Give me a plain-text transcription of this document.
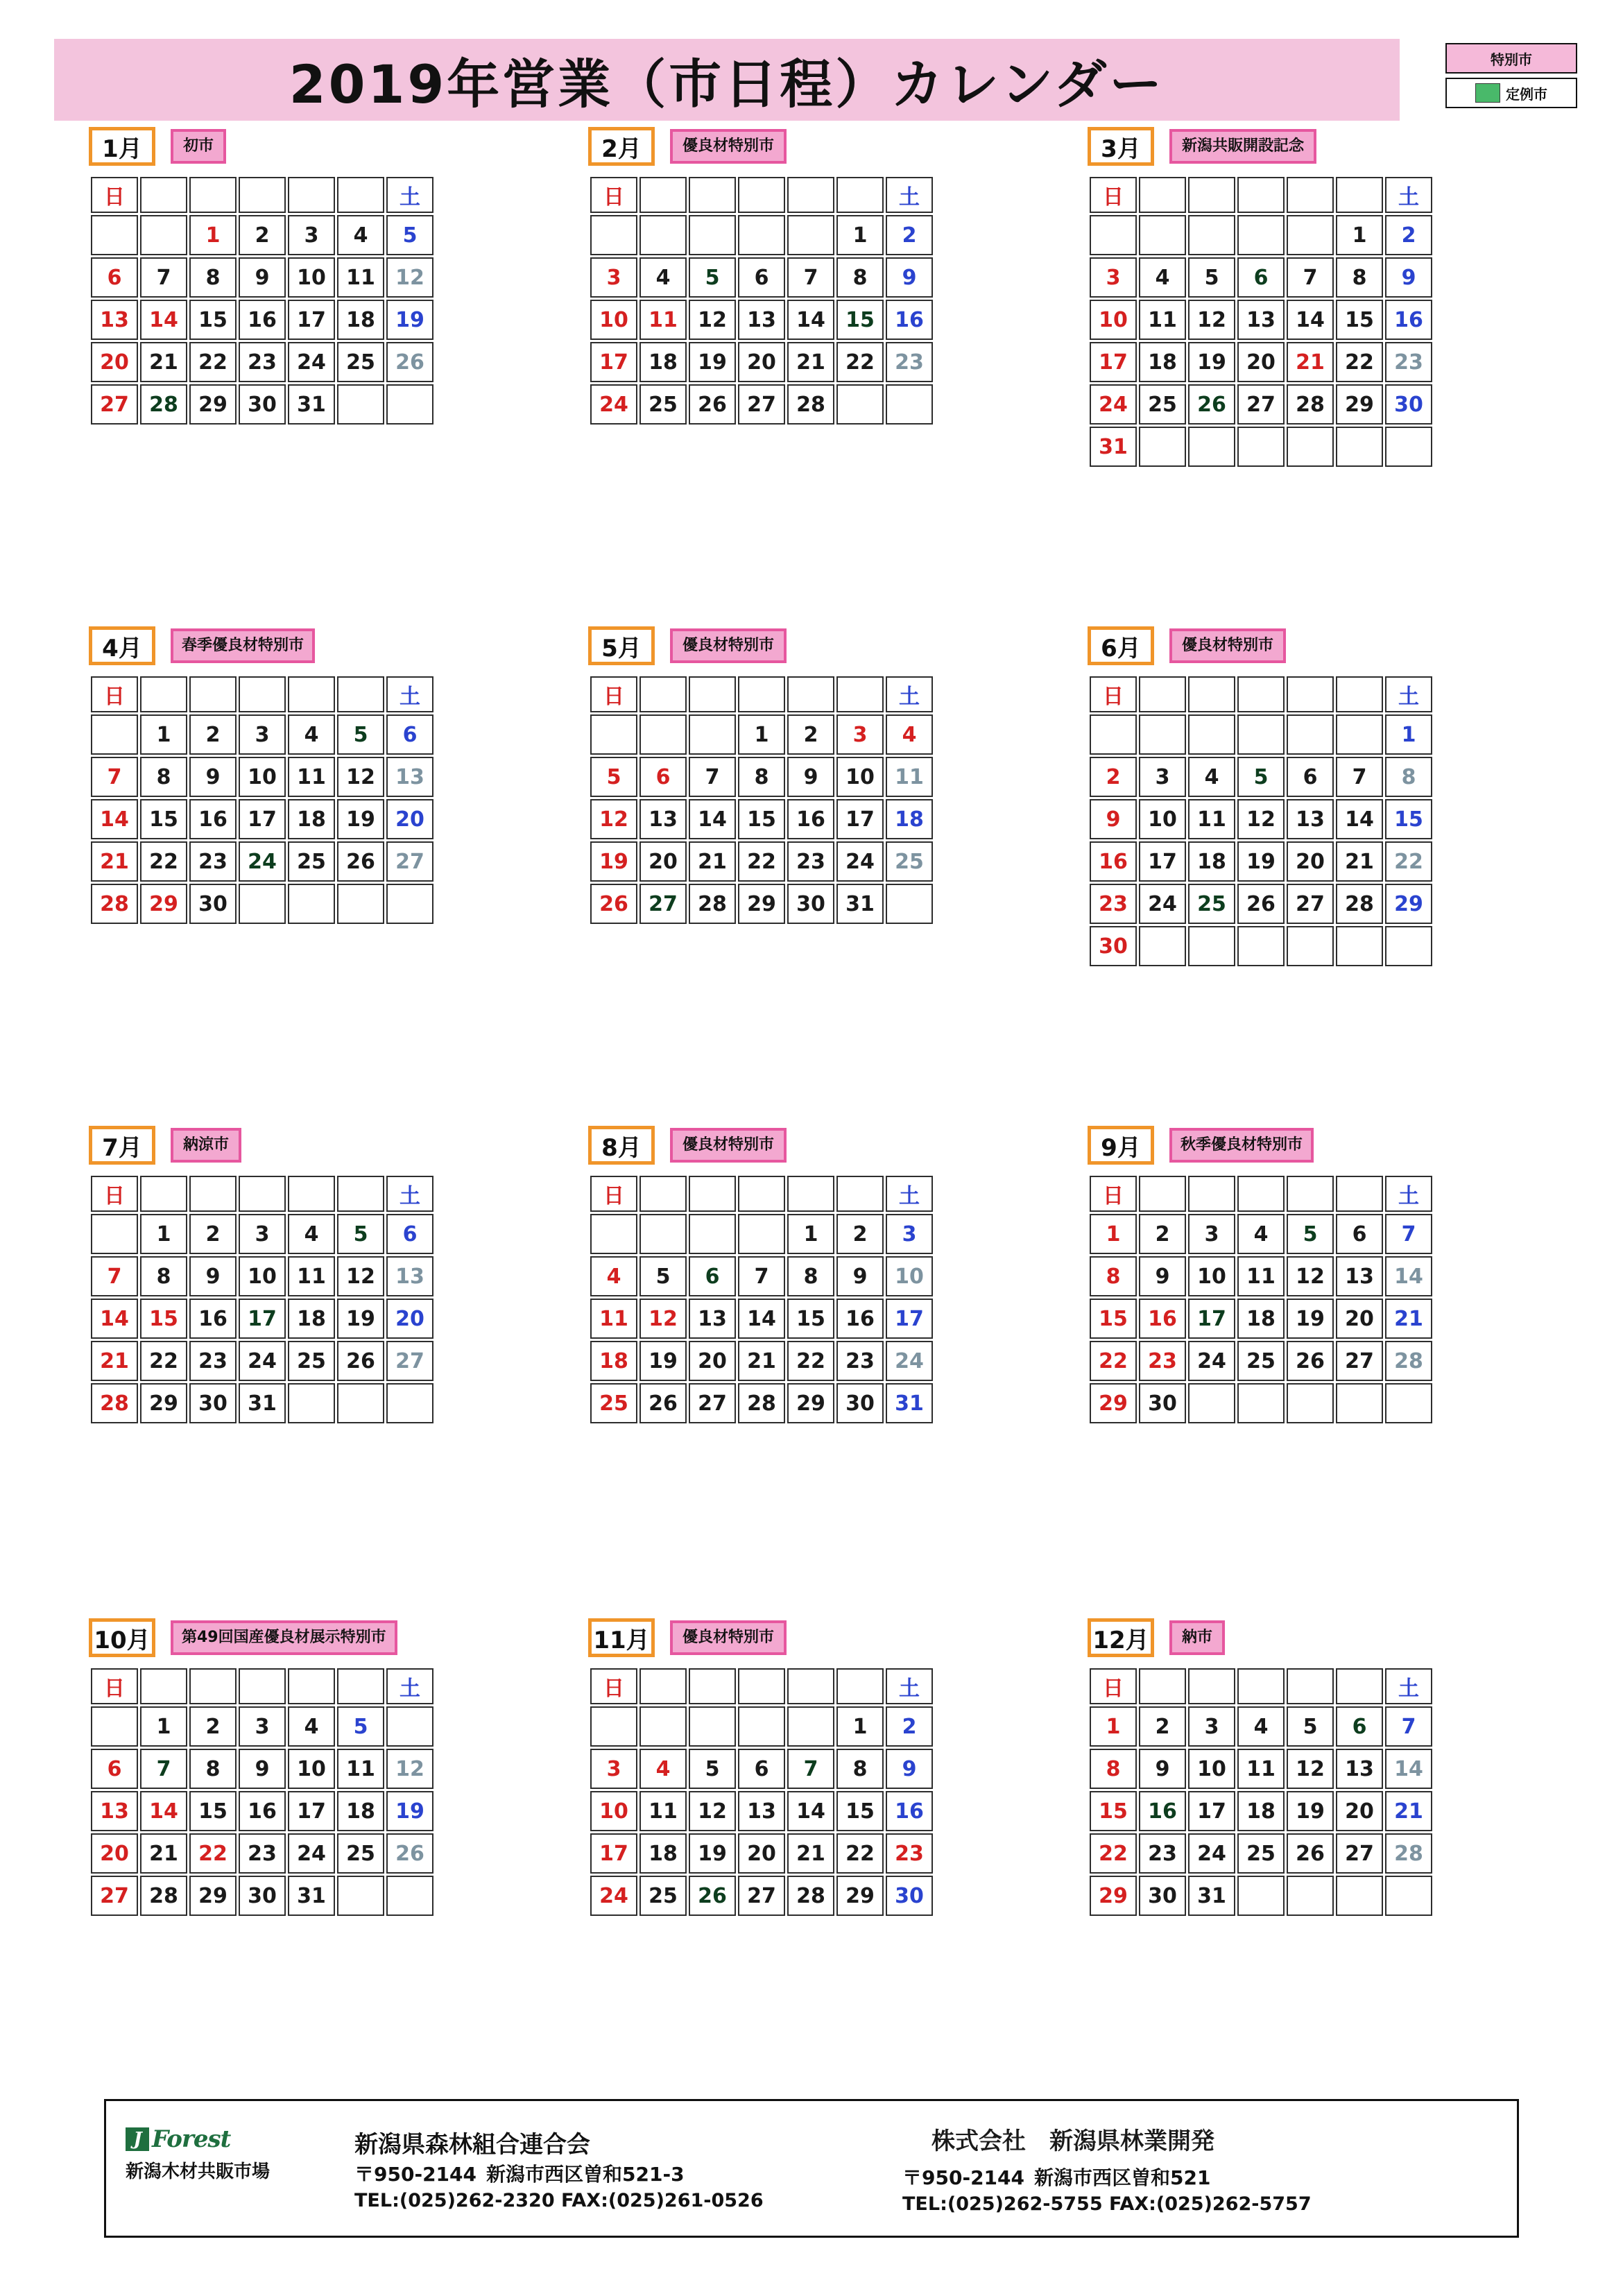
2019年営業（市日程）カレンダー	特別市
定例市
1月	初市
日						土
		1	2	3	4	5
6	7	8	9	10	11	12
13	14	15	16	17	18	19
20	21	22	23	24	25	26
27	28	29	30	31		
2月	優良材特別市
日						土
					1	2
3	4	5	6	7	8	9
10	11	12	13	14	15	16
17	18	19	20	21	22	23
24	25	26	27	28		
3月	新潟共販開設記念
日						土
					1	2
3	4	5	6	7	8	9
10	11	12	13	14	15	16
17	18	19	20	21	22	23
24	25	26	27	28	29	30
31						
4月	春季優良材 特別市
日						土
	1	2	3	4	5	6
7	8	9	10	11	12	13
14	15	16	17	18	19	20
21	22	23	24	25	26	27
28	29	30				
5月	優良材特別市
日						土
			1	2	3	4
5	6	7	8	9	10	11
12	13	14	15	16	17	18
19	20	21	22	23	24	25
26	27	28	29	30	31	
6月	優良材特別市
日						土
						1
2	3	4	5	6	7	8
9	10	11	12	13	14	15
16	17	18	19	20	21	22
23	24	25	26	27	28	29
30						
7月	納涼市
日						土
	1	2	3	4	5	6
7	8	9	10	11	12	13
14	15	16	17	18	19	20
21	22	23	24	25	26	27
28	29	30	31			
8月	優良材特別市
日						土
				1	2	3
4	5	6	7	8	9	10
11	12	13	14	15	16	17
18	19	20	21	22	23	24
25	26	27	28	29	30	31
9月	秋季優良材 特別市
日						土
1	2	3	4	5	6	7
8	9	10	11	12	13	14
15	16	17	18	19	20	21
22	23	24	25	26	27	28
29	30					
10月	第49回国産優良材 展示特別市
日						土
	1	2	3	4	5	
6	7	8	9	10	11	12
13	14	15	16	17	18	19
20	21	22	23	24	25	26
27	28	29	30	31		
11月	優良材特別市
日						土
					1	2
3	4	5	6	7	8	9
10	11	12	13	14	15	16
17	18	19	20	21	22	23
24	25	26	27	28	29	30
12月	納市
日						土
1	2	3	4	5	6	7
8	9	10	11	12	13	14
15	16	17	18	19	20	21
22	23	24	25	26	27	28
29	30	31				
J Forest
新潟木材共販市場
新潟県森林組合連合会
〒950-2144 新潟市西区曽和521-3
TEL:(025)262-2320 FAX:(025)261-0526
株式会社　新潟県林業開発
〒950-2144 新潟市西区曽和521
TEL:(025)262-5755 FAX:(025)262-5757
